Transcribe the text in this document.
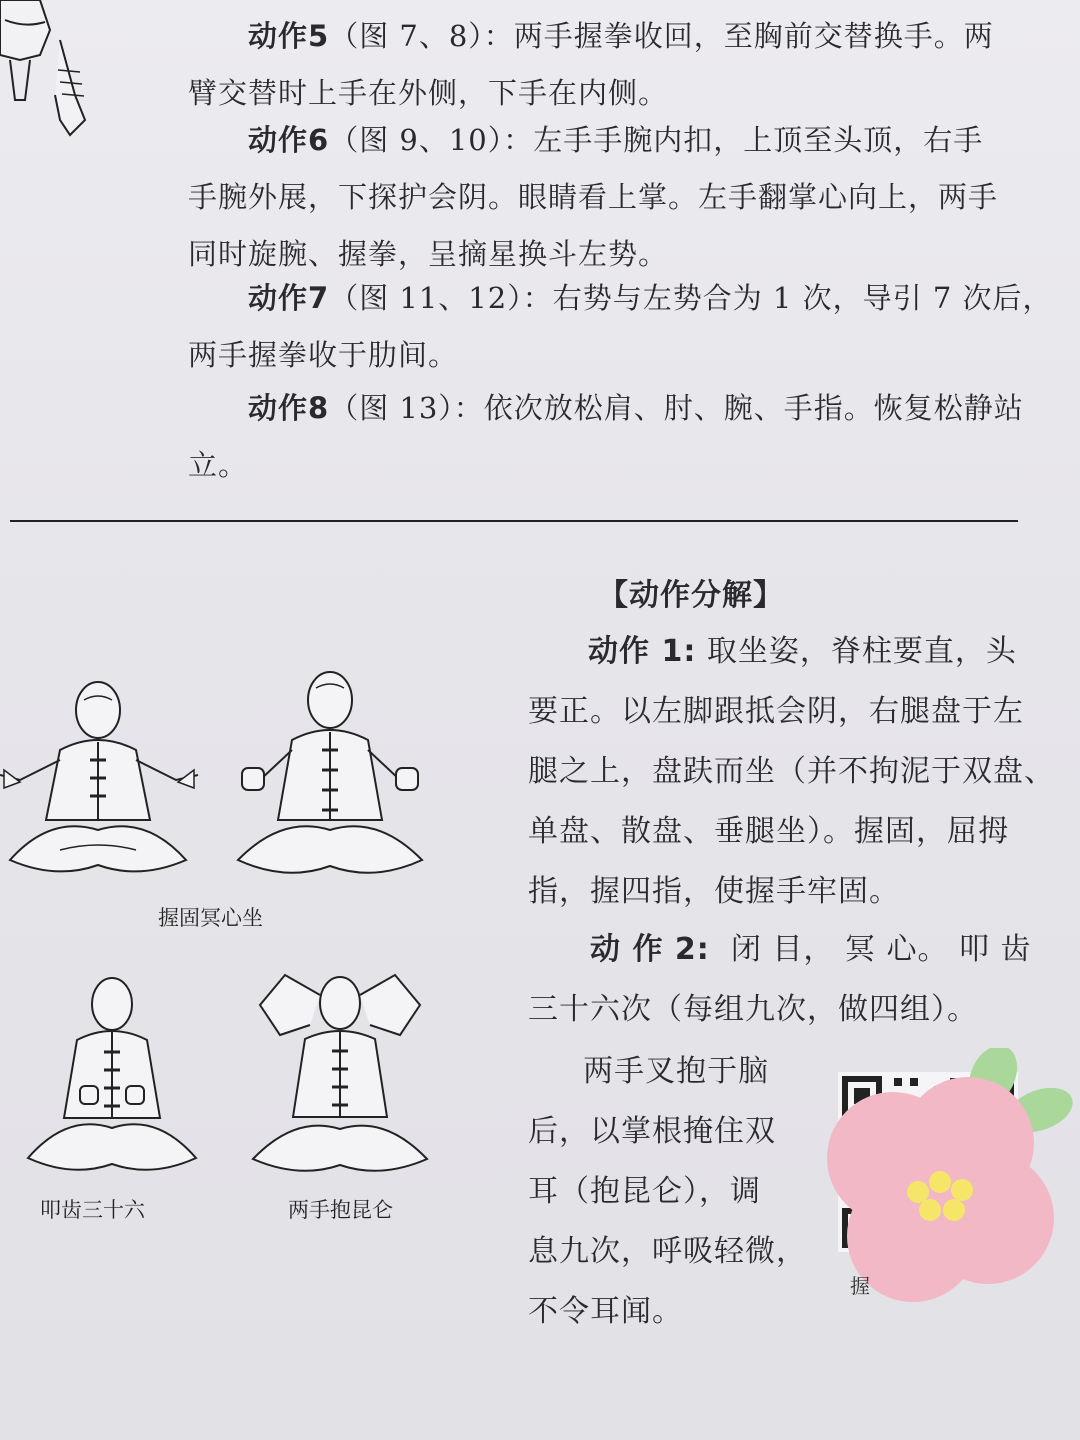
动作5（图 7、8）：两手握拳收回，至胸前交替换手。两
臂交替时上手在外侧，下手在内侧。

动作6（图 9、10）：左手手腕内扣，上顶至头顶，右手
手腕外展，下探护会阴。眼睛看上掌。左手翻掌心向上，两手
同时旋腕、握拳，呈摘星换斗左势。

动作7（图 11、12）：右势与左势合为 1 次，导引 7 次后，
两手握拳收于肋间。

动作8（图 13）：依次放松肩、肘、腕、手指。恢复松静站立。

握固冥心坐
叩齿三十六	两手抱昆仑
【动作分解】

动作 1: 取坐姿，脊柱要直，头
要正。以左脚跟抵会阴，右腿盘于左
腿之上，盘趺而坐（并不拘泥于双盘、
单盘、散盘、垂腿坐）。握固，屈拇
指，握四指，使握手牢固。

动 作 2:  闭 目， 冥 心。 叩 齿
三十六次（每组九次，做四组）。

两手叉抱于脑
后，以掌根掩住双
耳（抱昆仑），调
息九次，呼吸轻微，
不令耳闻。

握
